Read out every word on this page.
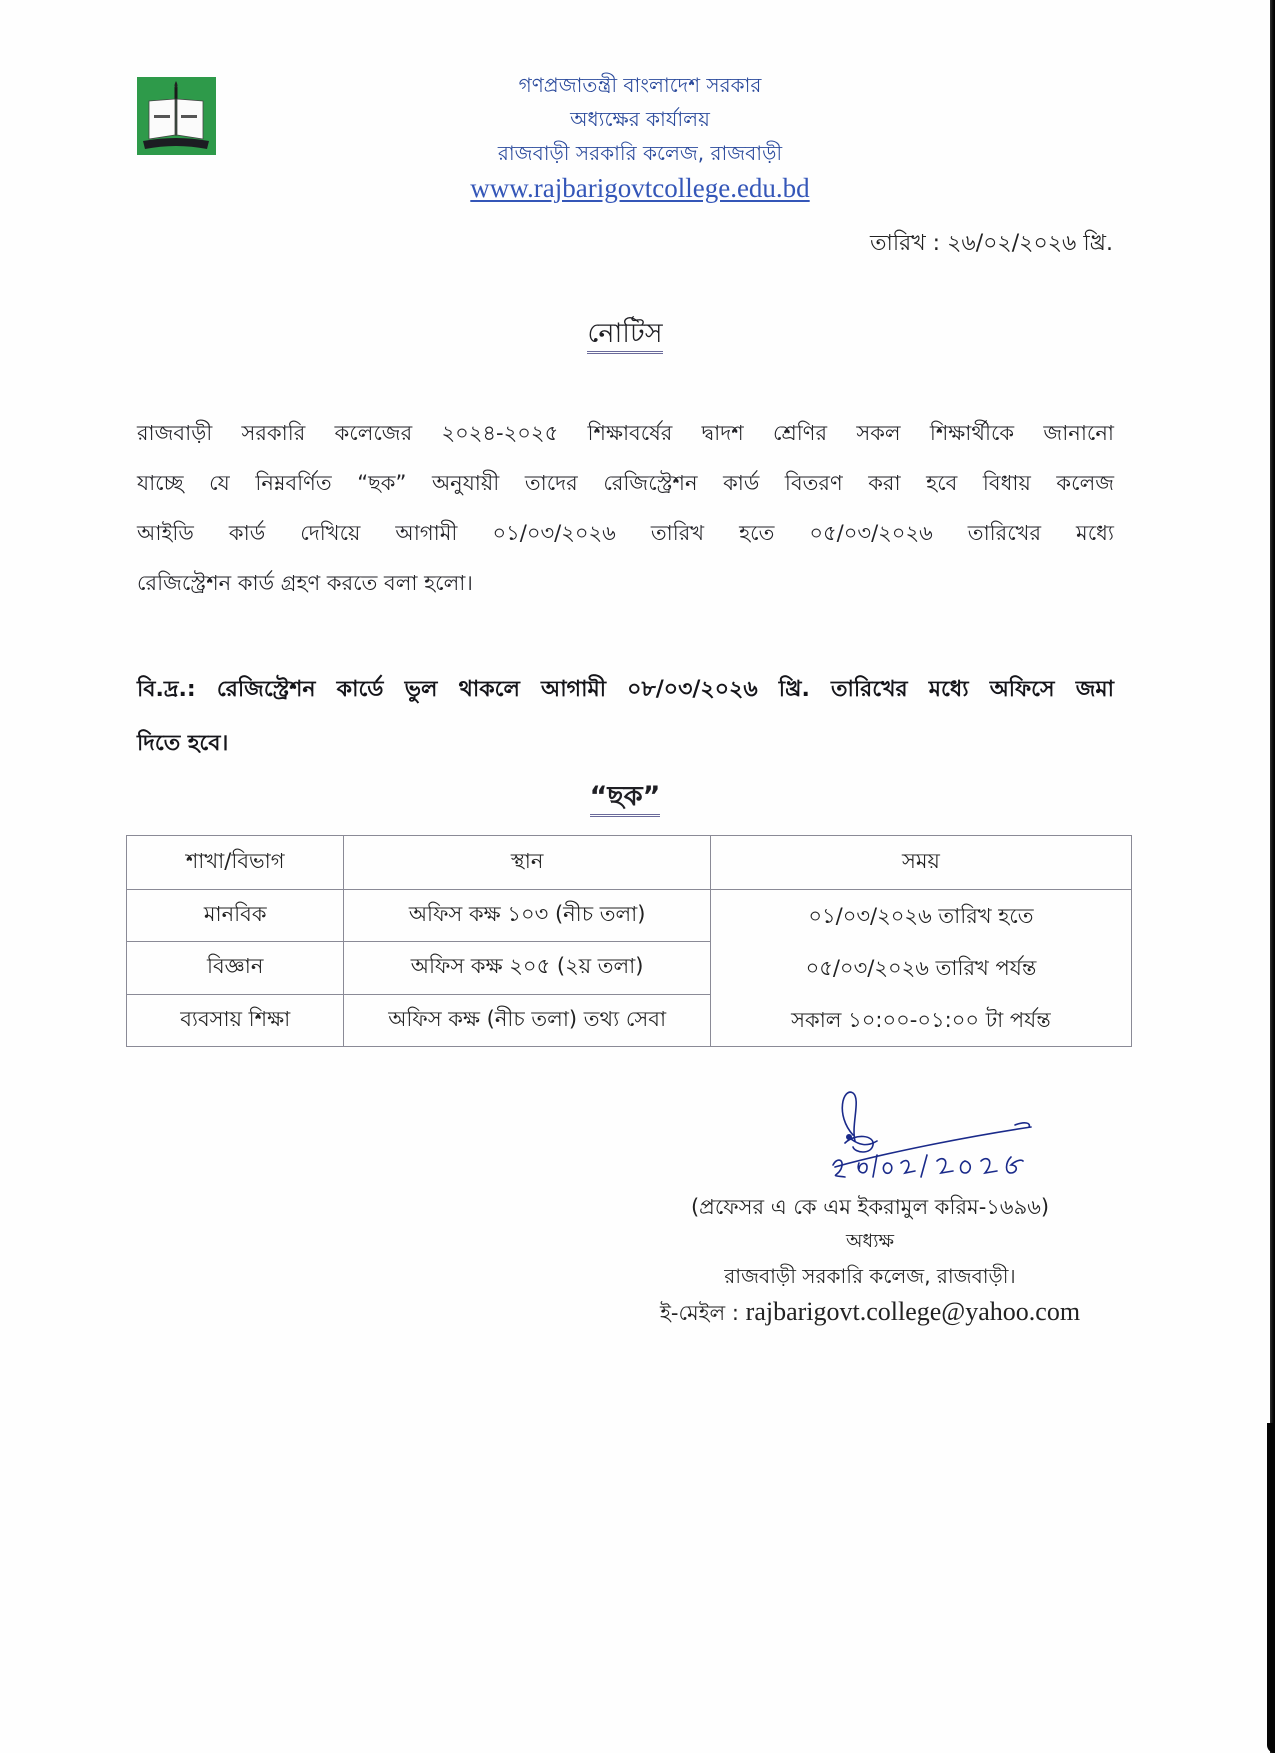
গণপ্রজাতন্ত্রী বাংলাদেশ সরকার
অধ্যক্ষের কার্যালয়
রাজবাড়ী সরকারি কলেজ, রাজবাড়ী
www.rajbarigovtcollege.edu.bd
তারিখ : ২৬/০২/২০২৬ খ্রি.
নোটিস
রাজবাড়ী সরকারি কলেজের ২০২৪-২০২৫ শিক্ষাবর্ষের দ্বাদশ শ্রেণির সকল শিক্ষার্থীকে জানানো
যাচ্ছে যে নিম্নবর্ণিত “ছক” অনুযায়ী তাদের রেজিস্ট্রেশন কার্ড বিতরণ করা হবে বিধায় কলেজ
আইডি কার্ড দেখিয়ে আগামী ০১/০৩/২০২৬ তারিখ হতে ০৫/০৩/২০২৬ তারিখের মধ্যে
রেজিস্ট্রেশন কার্ড গ্রহণ করতে বলা হলো।
বি.দ্র.: রেজিস্ট্রেশন কার্ডে ভুল থাকলে আগামী ০৮/০৩/২০২৬ খ্রি. তারিখের মধ্যে অফিসে জমা
দিতে হবে।
“ছক”
শাখা/বিভাগ	স্থান	সময়
মানবিক	অফিস কক্ষ ১০৩ (নীচ তলা)	০১/০৩/২০২৬ তারিখ হতে
০৫/০৩/২০২৬ তারিখ পর্যন্ত
সকাল ১০:০০-০১:০০ টা পর্যন্ত

বিজ্ঞান	অফিস কক্ষ ২০৫ (২য় তলা)	
ব্যবসায় শিক্ষা	অফিস কক্ষ (নীচ তলা) তথ্য সেবা	
(প্রফেসর এ কে এম ইকরামুল করিম-১৬৯৬)
অধ্যক্ষ
রাজবাড়ী সরকারি কলেজ, রাজবাড়ী।
ই-মেইল : rajbarigovt.college@yahoo.com
